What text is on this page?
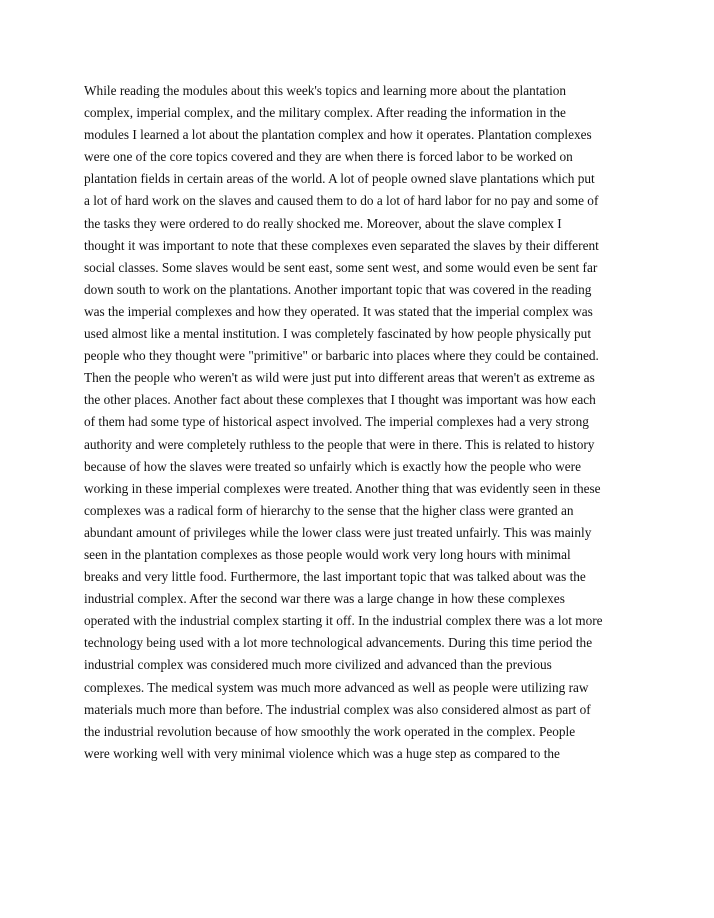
While reading the modules about this week's topics and learning more about the plantation
complex, imperial complex, and the military complex. After reading the information in the
modules I learned a lot about the plantation complex and how it operates. Plantation complexes
were one of the core topics covered and they are when there is forced labor to be worked on
plantation fields in certain areas of the world. A lot of people owned slave plantations which put
a lot of hard work on the slaves and caused them to do a lot of hard labor for no pay and some of
the tasks they were ordered to do really shocked me. Moreover, about the slave complex I
thought it was important to note that these complexes even separated the slaves by their different
social classes. Some slaves would be sent east, some sent west, and some would even be sent far
down south to work on the plantations. Another important topic that was covered in the reading
was the imperial complexes and how they operated. It was stated that the imperial complex was
used almost like a mental institution. I was completely fascinated by how people physically put
people who they thought were "primitive" or barbaric into places where they could be contained.
Then the people who weren't as wild were just put into different areas that weren't as extreme as
the other places. Another fact about these complexes that I thought was important was how each
of them had some type of historical aspect involved. The imperial complexes had a very strong
authority and were completely ruthless to the people that were in there. This is related to history
because of how the slaves were treated so unfairly which is exactly how the people who were
working in these imperial complexes were treated. Another thing that was evidently seen in these
complexes was a radical form of hierarchy to the sense that the higher class were granted an
abundant amount of privileges while the lower class were just treated unfairly. This was mainly
seen in the plantation complexes as those people would work very long hours with minimal
breaks and very little food. Furthermore, the last important topic that was talked about was the
industrial complex. After the second war there was a large change in how these complexes
operated with the industrial complex starting it off. In the industrial complex there was a lot more
technology being used with a lot more technological advancements. During this time period the
industrial complex was considered much more civilized and advanced than the previous
complexes. The medical system was much more advanced as well as people were utilizing raw
materials much more than before. The industrial complex was also considered almost as part of
the industrial revolution because of how smoothly the work operated in the complex. People
were working well with very minimal violence which was a huge step as compared to the
